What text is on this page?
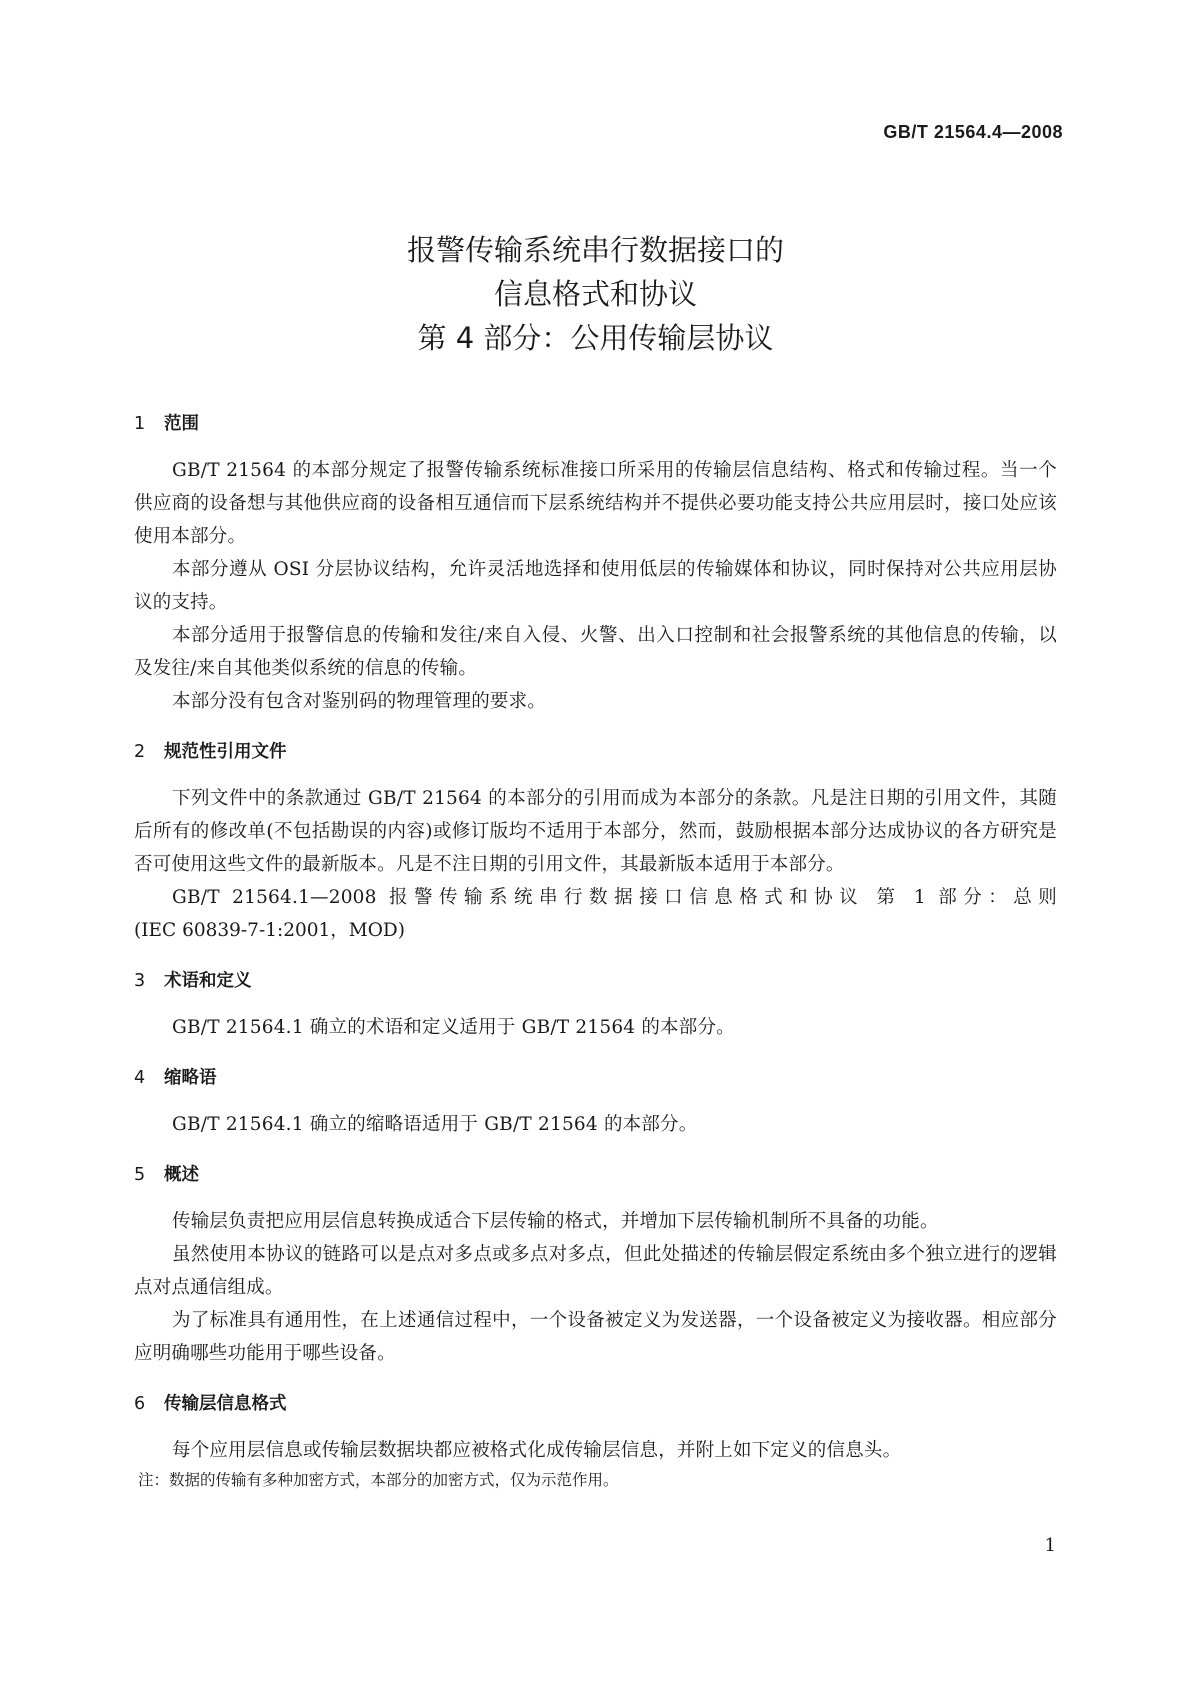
GB/T 21564.4—2008
报警传输系统串行数据接口的
信息格式和协议
第 4 部分：公用传输层协议
1 范围

GB/T 21564 的本部分规定了报警传输系统标准接口所采用的传输层信息结构、格式和传输过程。当一个供应商的设备想与其他供应商的设备相互通信而下层系统结构并不提供必要功能支持公共应用层时，接口处应该使用本部分。

本部分遵从 OSI 分层协议结构，允许灵活地选择和使用低层的传输媒体和协议，同时保持对公共应用层协议的支持。

本部分适用于报警信息的传输和发往/来自入侵、火警、出入口控制和社会报警系统的其他信息的传输，以及发往/来自其他类似系统的信息的传输。

本部分没有包含对鉴别码的物理管理的要求。

2 规范性引用文件

下列文件中的条款通过 GB/T 21564 的本部分的引用而成为本部分的条款。凡是注日期的引用文件，其随后所有的修改单(不包括勘误的内容)或修订版均不适用于本部分，然而，鼓励根据本部分达成协议的各方研究是否可使用这些文件的最新版本。凡是不注日期的引用文件，其最新版本适用于本部分。

GB/T 21564.1—2008 报警传输系统串行数据接口信息格式和协议 第 1 部分：总则

(IEC 60839-7-1:2001，MOD)

3 术语和定义

GB/T 21564.1 确立的术语和定义适用于 GB/T 21564 的本部分。

4 缩略语

GB/T 21564.1 确立的缩略语适用于 GB/T 21564 的本部分。

5 概述

传输层负责把应用层信息转换成适合下层传输的格式，并增加下层传输机制所不具备的功能。

虽然使用本协议的链路可以是点对多点或多点对多点，但此处描述的传输层假定系统由多个独立进行的逻辑点对点通信组成。

为了标准具有通用性，在上述通信过程中，一个设备被定义为发送器，一个设备被定义为接收器。相应部分应明确哪些功能用于哪些设备。

6 传输层信息格式

每个应用层信息或传输层数据块都应被格式化成传输层信息，并附上如下定义的信息头。

注：数据的传输有多种加密方式，本部分的加密方式，仅为示范作用。

1
